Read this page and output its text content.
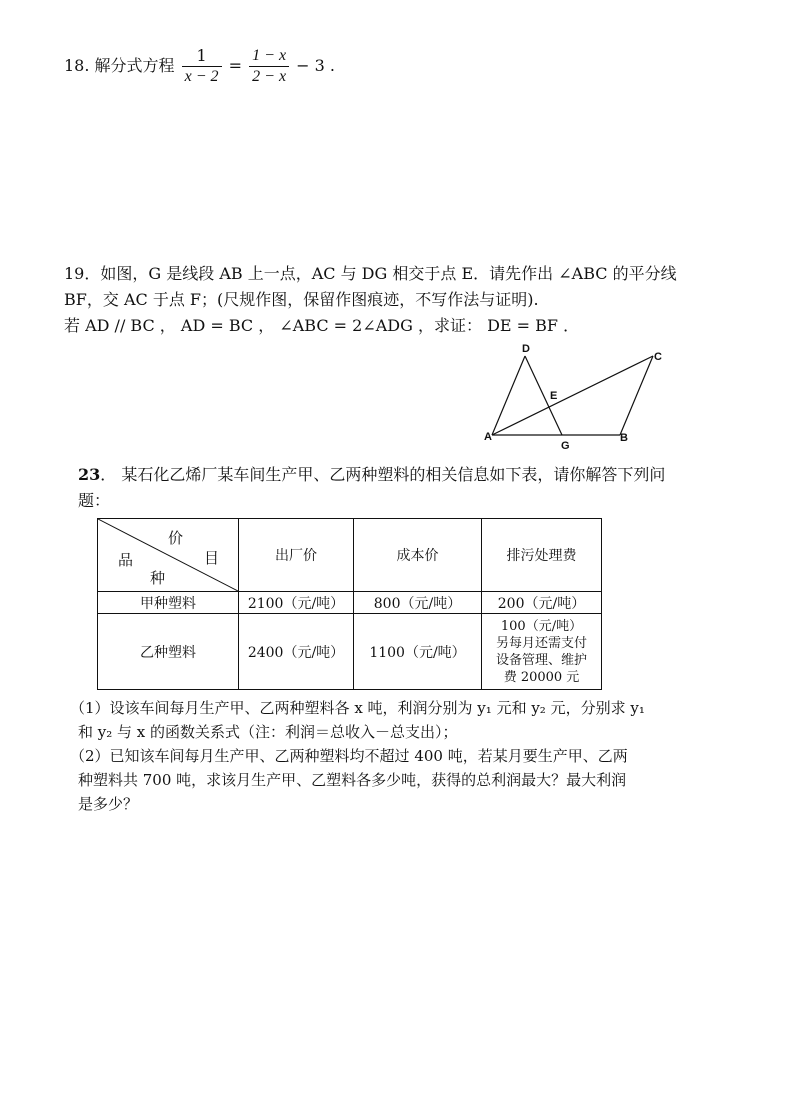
18. 解分式方程 $\frac{1}{x - 2} = \frac{1 - x}{2 - x} - 3$ .
19．如图，G 是线段 AB 上一点，AC 与 DG 相交于点 E．请先作出 ∠ABC 的平分线
BF，交 AC 于点 F；(尺规作图，保留作图痕迹，不写作法与证明).
若 AD // BC ， AD = BC ， ∠ABC = 2∠ADG ，求证： DE = BF ．
D
C
E
A
G
B
23． 某石化乙烯厂某车间生产甲、乙两种塑料的相关信息如下表，请你解答下列问
题：
价
品 目
种	出厂价	成本价	排污处理费
甲种塑料	2100（元/吨）	800（元/吨）	200（元/吨）
乙种塑料	2400（元/吨）	1100（元/吨）	100（元/吨）
另每月还需支付
设备管理、维护
费 20000 元
（1）设该车间每月生产甲、乙两种塑料各 x 吨，利润分别为 y₁ 元和 y₂ 元，分别求 y₁
和 y₂ 与 x 的函数关系式（注：利润＝总收入－总支出）；
（2）已知该车间每月生产甲、乙两种塑料均不超过 400 吨，若某月要生产甲、乙两
种塑料共 700 吨，求该月生产甲、乙塑料各多少吨，获得的总利润最大？最大利润
是多少？
